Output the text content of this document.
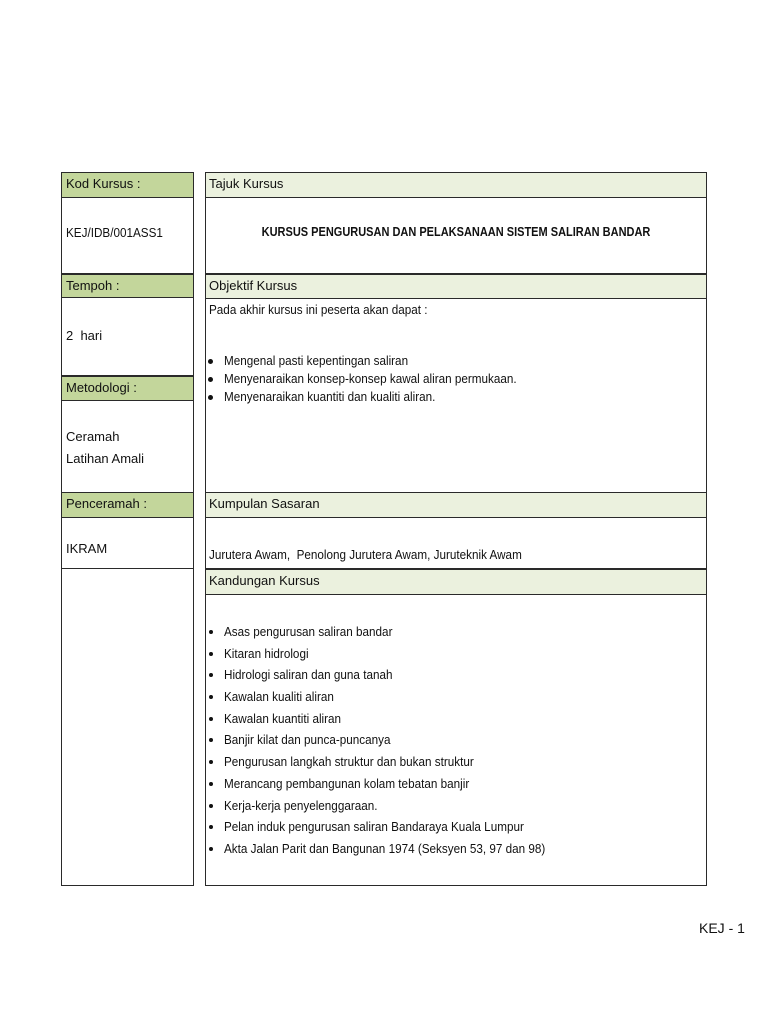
Kod Kursus :
KEJ/IDB/001ASS1
Tempoh :
2  hari
Metodologi :
Ceramah
Latihan Amali
Penceramah :
IKRAM
Tajuk Kursus
KURSUS PENGURUSAN DAN PELAKSANAAN SISTEM SALIRAN BANDAR
Objektif Kursus
Pada akhir kursus ini peserta akan dapat :
Mengenal pasti kepentingan saliran
Menyenaraikan konsep-konsep kawal aliran permukaan.
Menyenaraikan kuantiti dan kualiti aliran.
Kumpulan Sasaran
Jurutera Awam,  Penolong Jurutera Awam, Juruteknik Awam
Kandungan Kursus
Asas pengurusan saliran bandar
Kitaran hidrologi
Hidrologi saliran dan guna tanah
Kawalan kualiti aliran
Kawalan kuantiti aliran
Banjir kilat dan punca-puncanya
Pengurusan langkah struktur dan bukan struktur
Merancang pembangunan kolam tebatan banjir
Kerja-kerja penyelenggaraan.
Pelan induk pengurusan saliran Bandaraya Kuala Lumpur
Akta Jalan Parit dan Bangunan 1974 (Seksyen 53, 97 dan 98)
KEJ - 1
